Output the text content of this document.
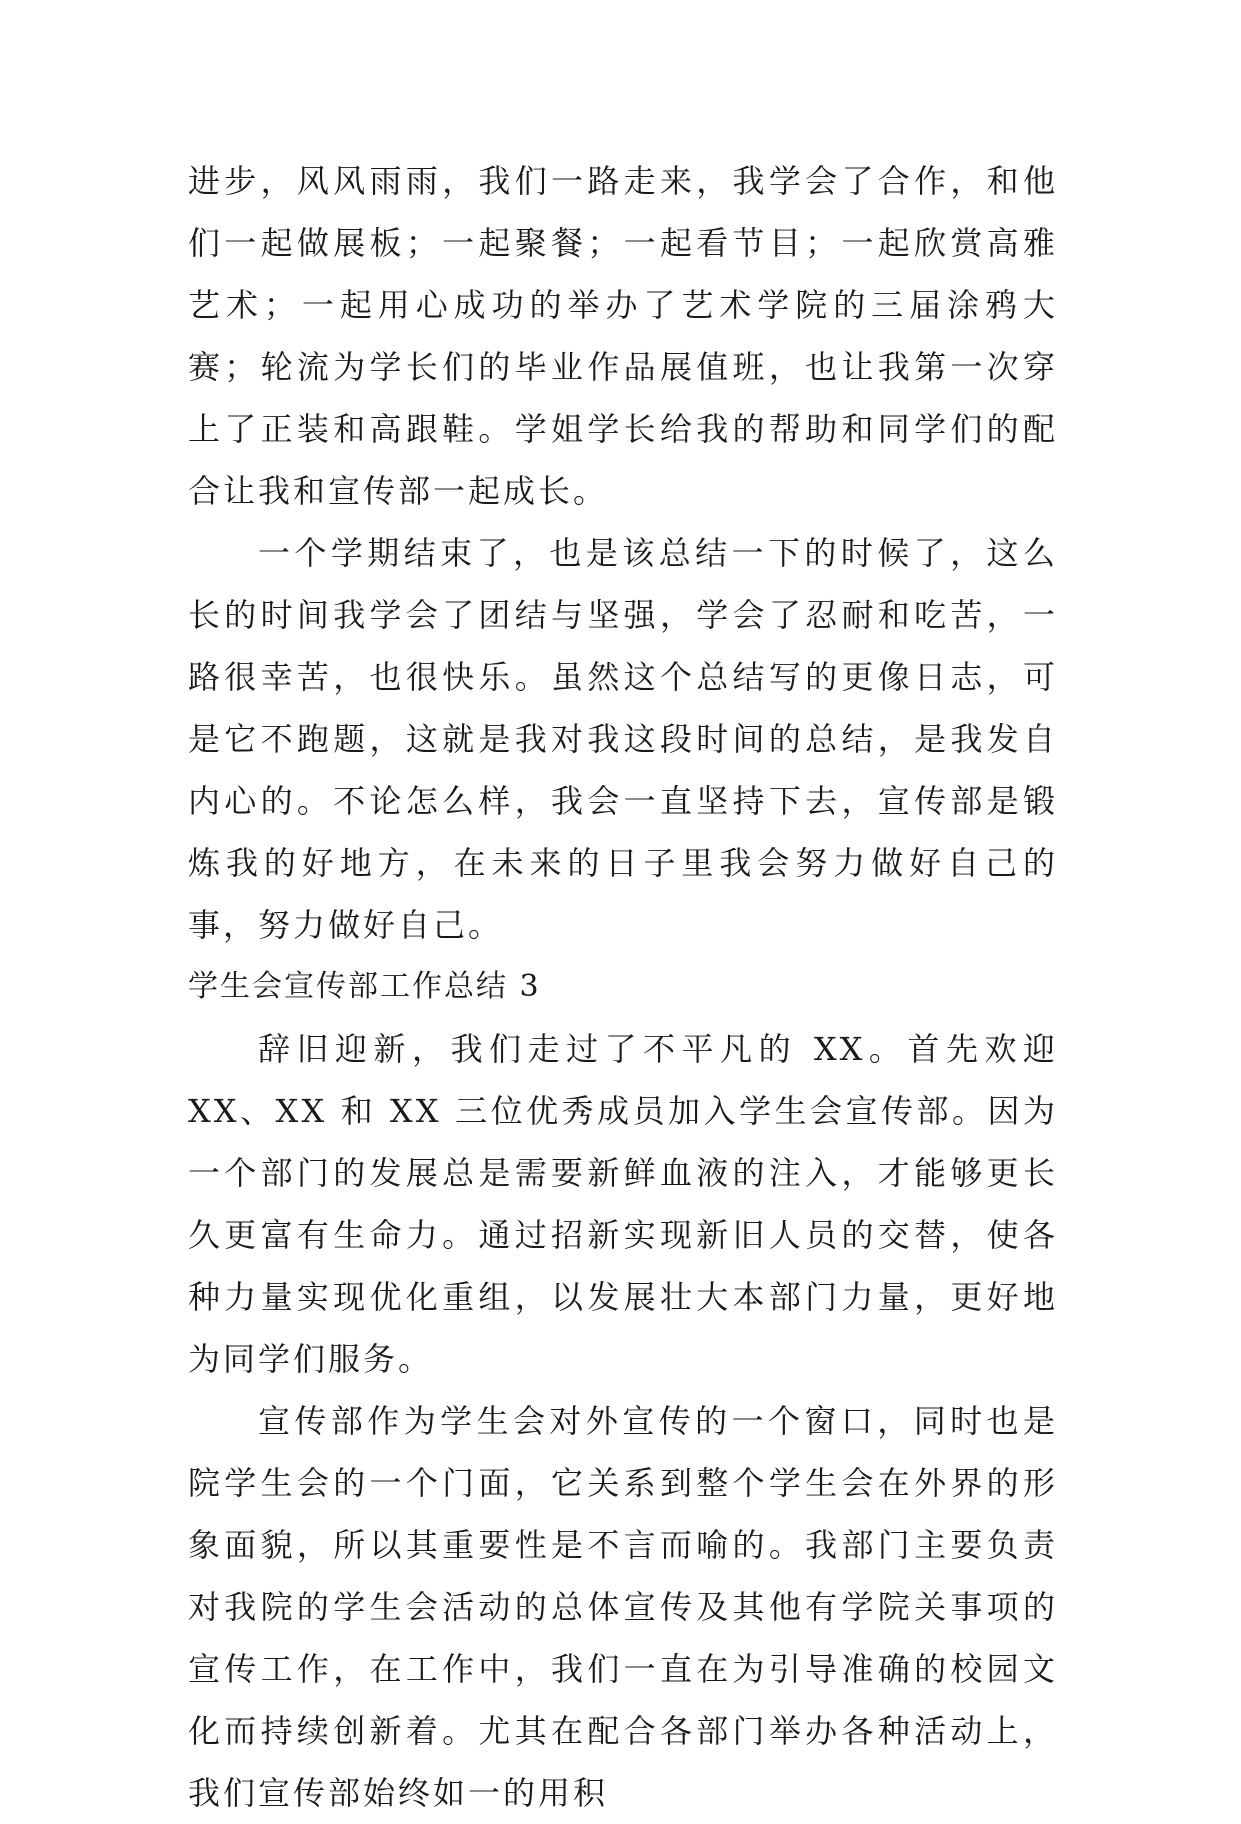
进步，风风雨雨，我们一路走来，我学会了合作，和他们一起做展板；一起聚餐；一起看节目；一起欣赏高雅艺术；一起用心成功的举办了艺术学院的三届涂鸦大赛；轮流为学长们的毕业作品展值班，也让我第一次穿上了正装和高跟鞋。学姐学长给我的帮助和同学们的配合让我和宣传部一起成长。

一个学期结束了，也是该总结一下的时候了，这么长的时间我学会了团结与坚强，学会了忍耐和吃苦，一路很幸苦，也很快乐。虽然这个总结写的更像日志，可是它不跑题，这就是我对我这段时间的总结，是我发自内心的。不论怎么样，我会一直坚持下去，宣传部是锻炼我的好地方，在未来的日子里我会努力做好自己的事，努力做好自己。

学生会宣传部工作总结 3

辞旧迎新，我们走过了不平凡的 XX。首先欢迎 XX、XX 和 XX 三位优秀成员加入学生会宣传部。因为一个部门的发展总是需要新鲜血液的注入，才能够更长久更富有生命力。通过招新实现新旧人员的交替，使各种力量实现优化重组，以发展壮大本部门力量，更好地为同学们服务。

宣传部作为学生会对外宣传的一个窗口，同时也是院学生会的一个门面，它关系到整个学生会在外界的形象面貌，所以其重要性是不言而喻的。我部门主要负责对我院的学生会活动的总体宣传及其他有学院关事项的宣传工作，在工作中，我们一直在为引导准确的校园文化而持续创新着。尤其在配合各部门举办各种活动上，我们宣传部始终如一的用积
